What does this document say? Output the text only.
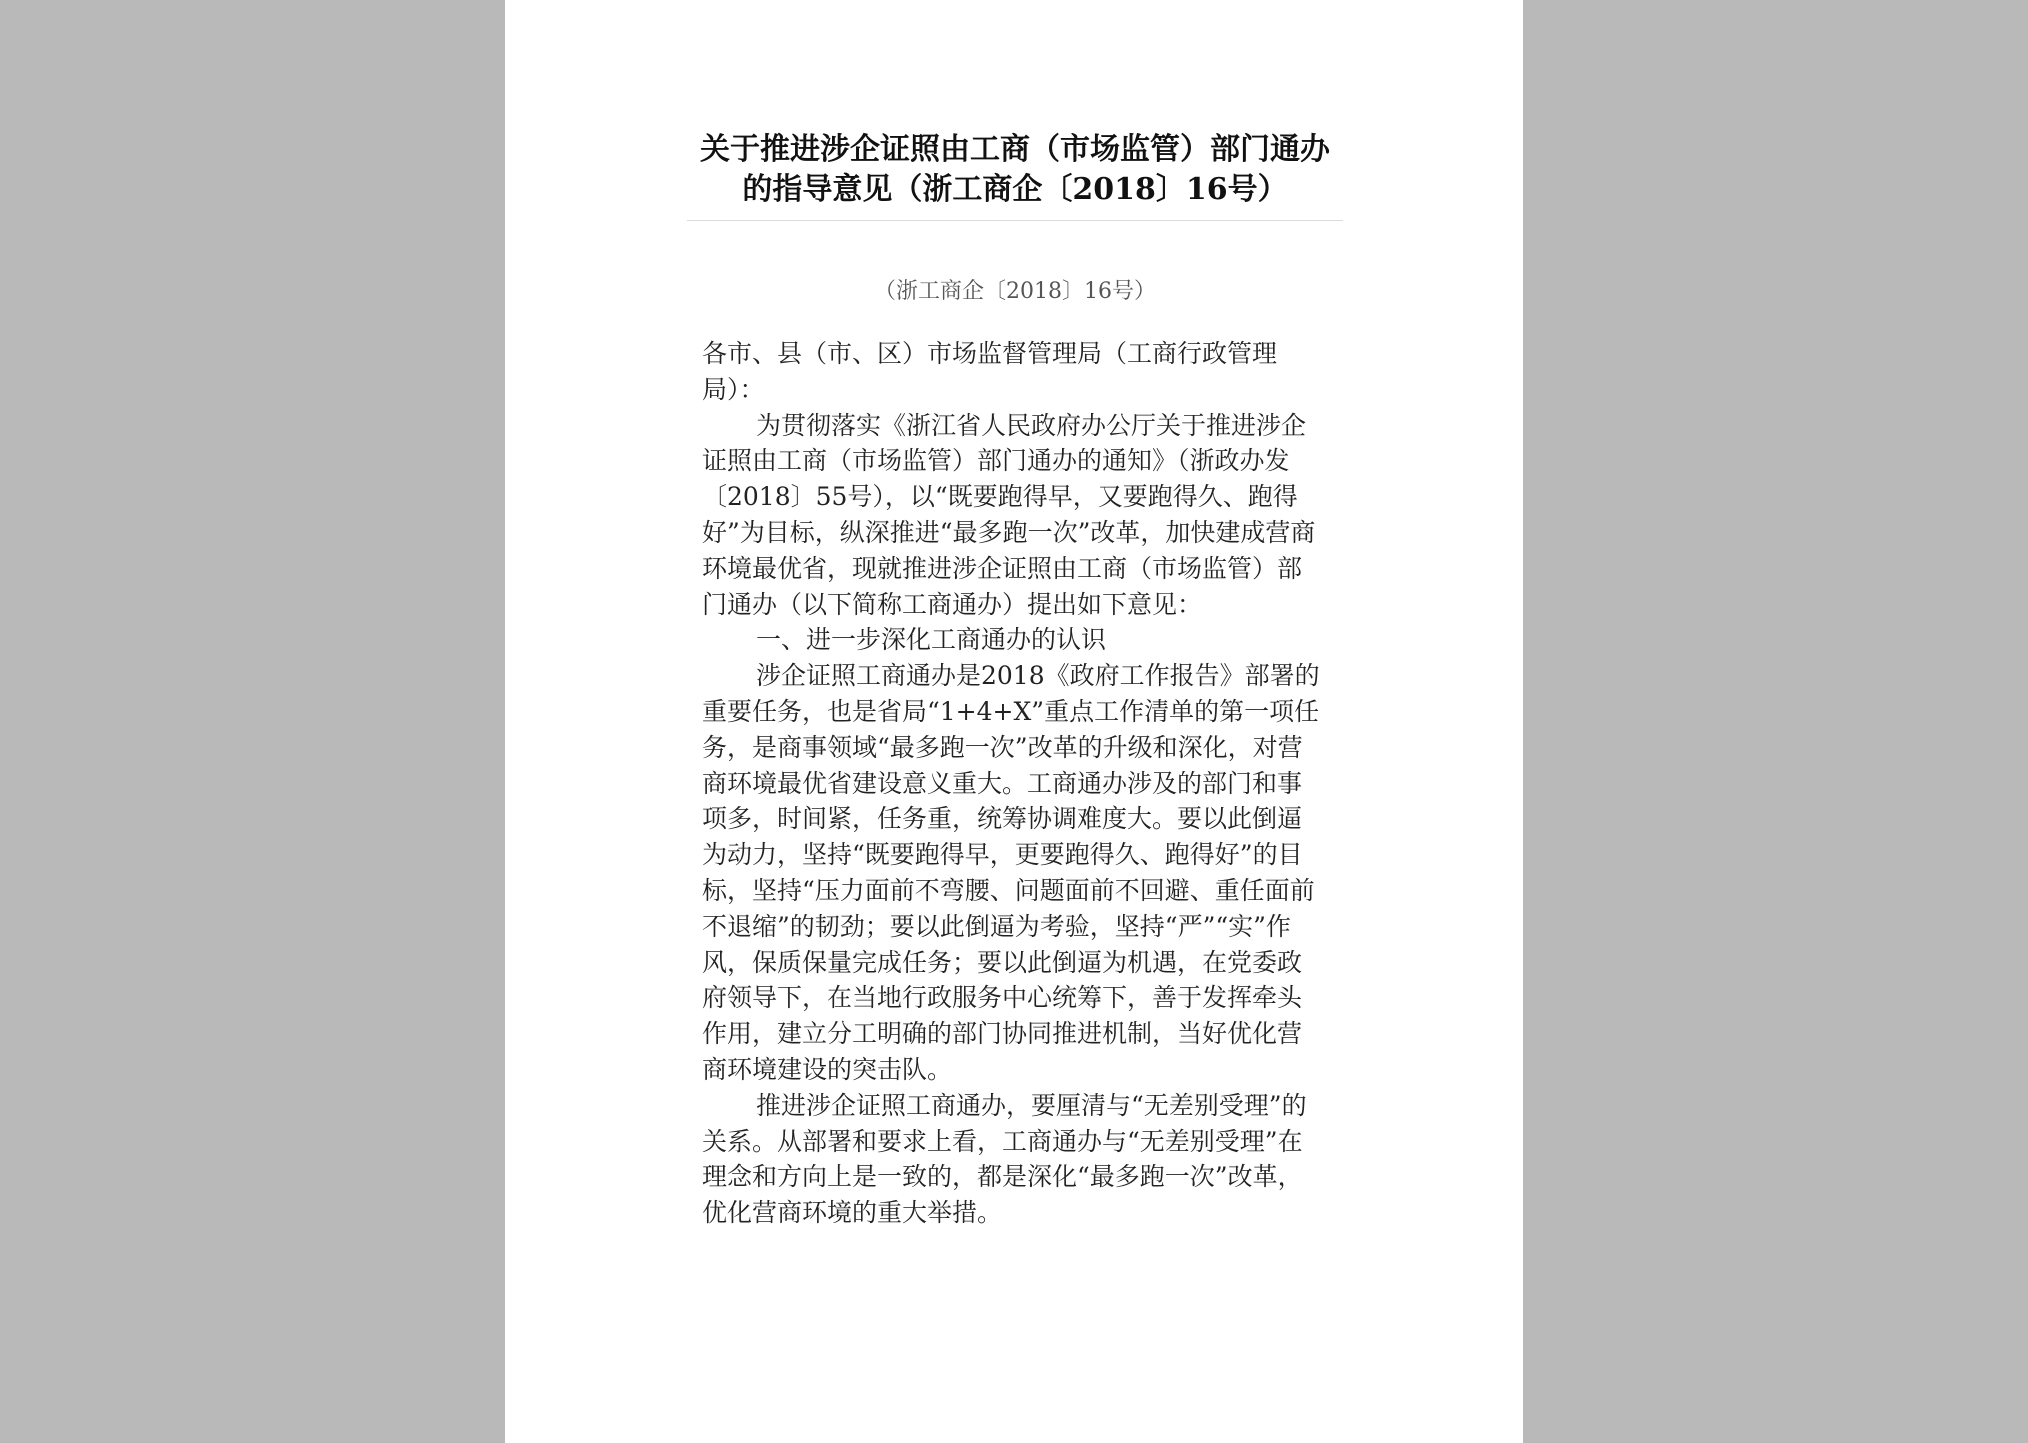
关于推进涉企证照由工商（市场监管）部门通办的指导意见（浙工商企〔2018〕16号）
（浙工商企〔2018〕16号）

各市、县（市、区）市场监督管理局（工商行政管理局）：

为贯彻落实《浙江省人民政府办公厅关于推进涉企证照由工商（市场监管）部门通办的通知》（浙政办发〔2018〕55号），以“既要跑得早，又要跑得久、跑得好”为目标，纵深推进“最多跑一次”改革，加快建成营商环境最优省，现就推进涉企证照由工商（市场监管）部门通办（以下简称工商通办）提出如下意见：

一、进一步深化工商通办的认识

涉企证照工商通办是2018《政府工作报告》部署的重要任务，也是省局“1+4+X”重点工作清单的第一项任务，是商事领域“最多跑一次”改革的升级和深化，对营商环境最优省建设意义重大。工商通办涉及的部门和事项多，时间紧，任务重，统筹协调难度大。要以此倒逼为动力，坚持“既要跑得早，更要跑得久、跑得好”的目标，坚持“压力面前不弯腰、问题面前不回避、重任面前不退缩”的韧劲；要以此倒逼为考验，坚持“严”“实”作风，保质保量完成任务；要以此倒逼为机遇，在党委政府领导下，在当地行政服务中心统筹下，善于发挥牵头作用，建立分工明确的部门协同推进机制，当好优化营商环境建设的突击队。

推进涉企证照工商通办，要厘清与“无差别受理”的关系。从部署和要求上看，工商通办与“无差别受理”在理念和方向上是一致的，都是深化“最多跑一次”改革，优化营商环境的重大举措。
